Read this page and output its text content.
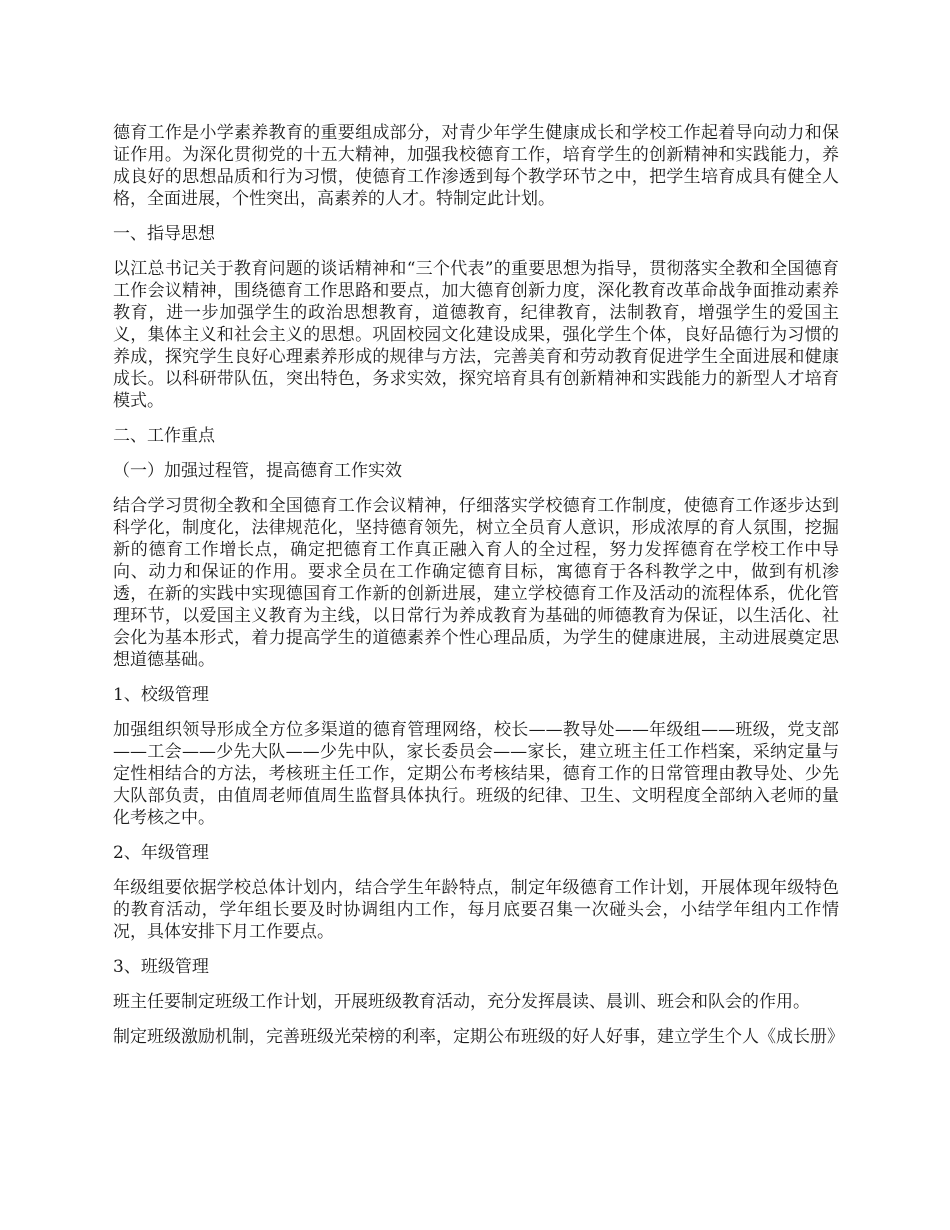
德育工作是小学素养教育的重要组成部分，对青少年学生健康成长和学校工作起着导向动力和保证作用。为深化贯彻党的十五大精神，加强我校德育工作，培育学生的创新精神和实践能力，养成良好的思想品质和行为习惯，使德育工作渗透到每个教学环节之中，把学生培育成具有健全人格，全面进展，个性突出，高素养的人才。特制定此计划。

一、指导思想

以江总书记关于教育问题的谈话精神和“三个代表”的重要思想为指导，贯彻落实全教和全国德育工作会议精神，围绕德育工作思路和要点，加大德育创新力度，深化教育改革命战争面推动素养教育，进一步加强学生的政治思想教育，道德教育，纪律教育，法制教育，增强学生的爱国主义，集体主义和社会主义的思想。巩固校园文化建设成果，强化学生个体，良好品德行为习惯的养成，探究学生良好心理素养形成的规律与方法，完善美育和劳动教育促进学生全面进展和健康成长。以科研带队伍，突出特色，务求实效，探究培育具有创新精神和实践能力的新型人才培育模式。

二、工作重点

（一）加强过程管，提高德育工作实效

结合学习贯彻全教和全国德育工作会议精神，仔细落实学校德育工作制度，使德育工作逐步达到科学化，制度化，法律规范化，坚持德育领先，树立全员育人意识，形成浓厚的育人氛围，挖掘新的德育工作增长点，确定把德育工作真正融入育人的全过程，努力发挥德育在学校工作中导向、动力和保证的作用。要求全员在工作确定德育目标，寓德育于各科教学之中，做到有机渗透，在新的实践中实现德国育工作新的创新进展，建立学校德育工作及活动的流程体系，优化管理环节，以爱国主义教育为主线，以日常行为养成教育为基础的师德教育为保证，以生活化、社会化为基本形式，着力提高学生的道德素养个性心理品质，为学生的健康进展，主动进展奠定思想道德基础。

1、校级管理

加强组织领导形成全方位多渠道的德育管理网络，校长——教导处——年级组——班级，党支部——工会——少先大队——少先中队，家长委员会——家长，建立班主任工作档案，采纳定量与定性相结合的方法，考核班主任工作，定期公布考核结果，德育工作的日常管理由教导处、少先大队部负责，由值周老师值周生监督具体执行。班级的纪律、卫生、文明程度全部纳入老师的量化考核之中。

2、年级管理

年级组要依据学校总体计划内，结合学生年龄特点，制定年级德育工作计划，开展体现年级特色的教育活动，学年组长要及时协调组内工作，每月底要召集一次碰头会，小结学年组内工作情况，具体安排下月工作要点。

3、班级管理

班主任要制定班级工作计划，开展班级教育活动，充分发挥晨读、晨训、班会和队会的作用。

制定班级激励机制，完善班级光荣榜的利率，定期公布班级的好人好事，建立学生个人《成长册》
